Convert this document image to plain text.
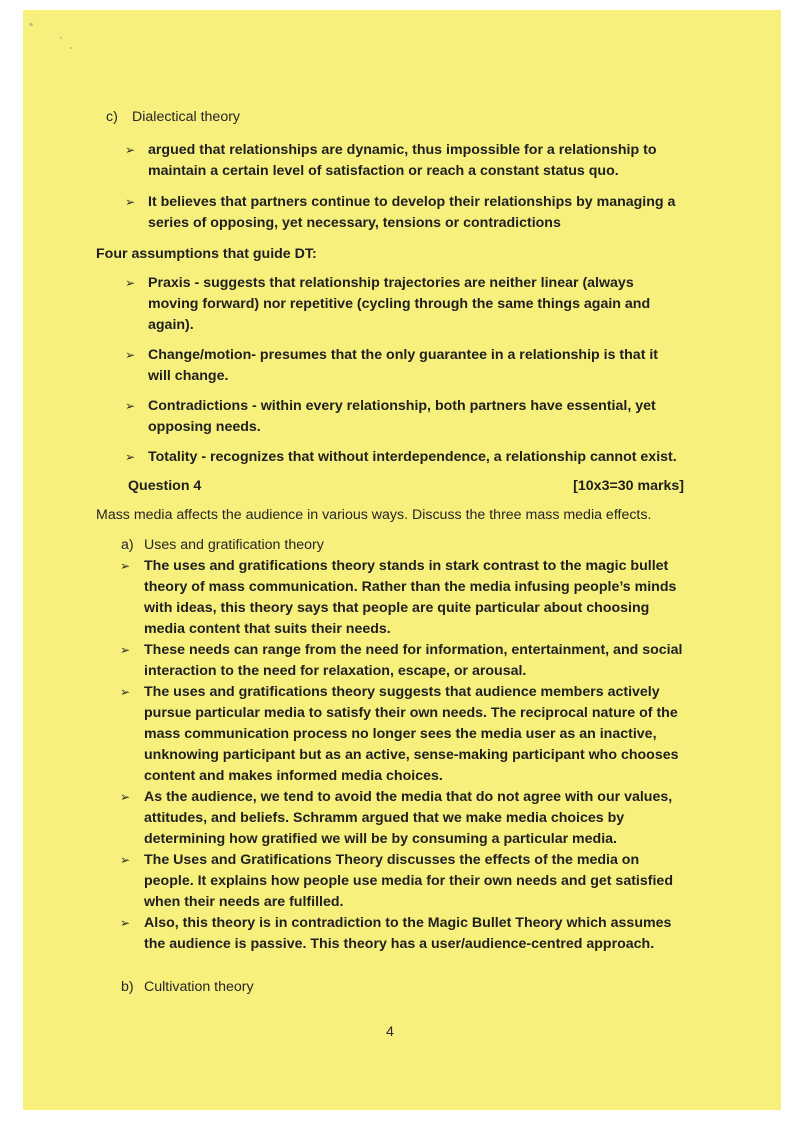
c) Dialectical theory
➢ argued that relationships are dynamic, thus impossible for a relationship to maintain a certain level of satisfaction or reach a constant status quo.
➢ It believes that partners continue to develop their relationships by managing a series of opposing, yet necessary, tensions or contradictions
Four assumptions that guide DT:
➢ Praxis - suggests that relationship trajectories are neither linear (always moving forward) nor repetitive (cycling through the same things again and again).
➢ Change/motion- presumes that the only guarantee in a relationship is that it will change.
➢ Contradictions - within every relationship, both partners have essential, yet opposing needs.
➢ Totality - recognizes that without interdependence, a relationship cannot exist.
Question 4	[10x3=30 marks]
Mass media affects the audience in various ways. Discuss the three mass media effects.
a) Uses and gratification theory
➢ The uses and gratifications theory stands in stark contrast to the magic bullet theory of mass communication. Rather than the media infusing people’s minds with ideas, this theory says that people are quite particular about choosing media content that suits their needs.
➢ These needs can range from the need for information, entertainment, and social interaction to the need for relaxation, escape, or arousal.
➢ The uses and gratifications theory suggests that audience members actively pursue particular media to satisfy their own needs. The reciprocal nature of the mass communication process no longer sees the media user as an inactive, unknowing participant but as an active, sense-making participant who chooses content and makes informed media choices.
➢ As the audience, we tend to avoid the media that do not agree with our values, attitudes, and beliefs. Schramm argued that we make media choices by determining how gratified we will be by consuming a particular media.
➢ The Uses and Gratifications Theory discusses the effects of the media on people. It explains how people use media for their own needs and get satisfied when their needs are fulfilled.
➢ Also, this theory is in contradiction to the Magic Bullet Theory which assumes the audience is passive. This theory has a user/audience-centred approach.
b) Cultivation theory
4
